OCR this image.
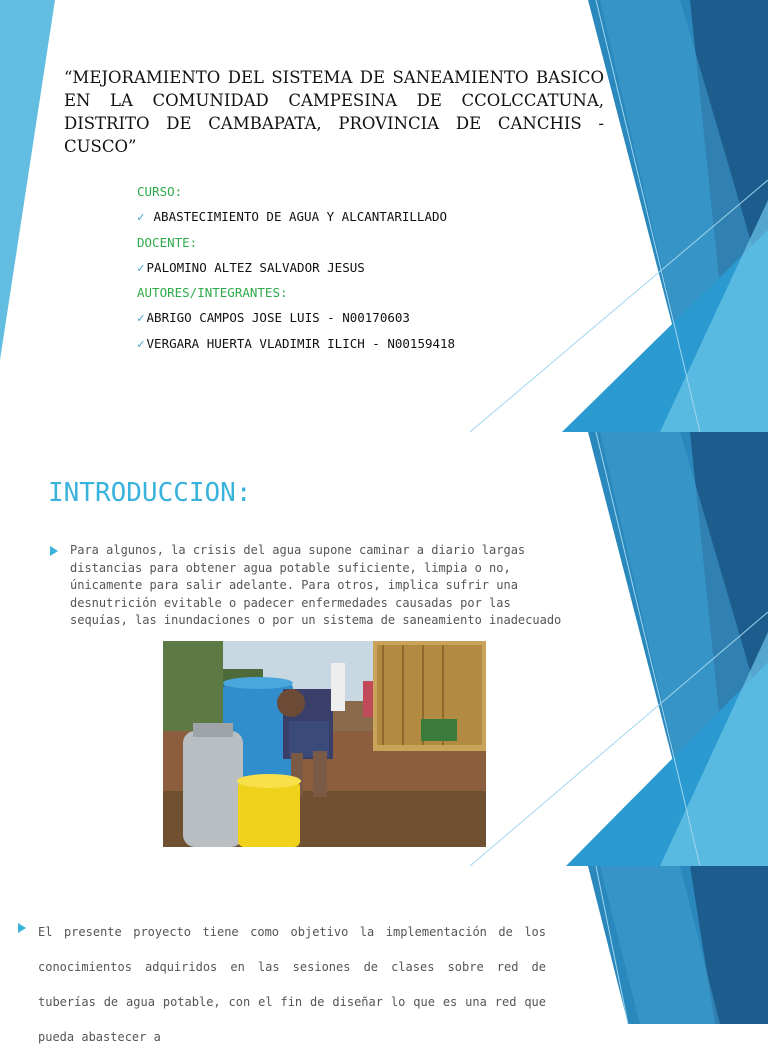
“MEJORAMIENTO DEL SISTEMA DE SANEAMIENTO BASICO EN LA COMUNIDAD CAMPESINA DE CCOLCCATUNA, DISTRITO DE CAMBAPATA, PROVINCIA DE CANCHIS - CUSCO”

CURSO:
✓ ABASTECIMIENTO DE AGUA Y ALCANTARILLADO
DOCENTE:
✓ PALOMINO ALTEZ SALVADOR JESUS
AUTORES/INTEGRANTES:
✓ ABRIGO CAMPOS JOSE LUIS - N00170603
✓ VERGARA HUERTA VLADIMIR ILICH - N00159418
INTRODUCCION:

Para algunos, la crisis del agua supone caminar a diario largas distancias para obtener agua potable suficiente, limpia o no, únicamente para salir adelante. Para otros, implica sufrir una desnutrición evitable o padecer enfermedades causadas por las sequías, las inundaciones o por un sistema de saneamiento inadecuado

El presente proyecto tiene como objetivo la implementación de los conocimientos adquiridos en las sesiones de clases sobre red de tuberías de agua potable, con el fin de diseñar lo que es una red que pueda abastecer a
